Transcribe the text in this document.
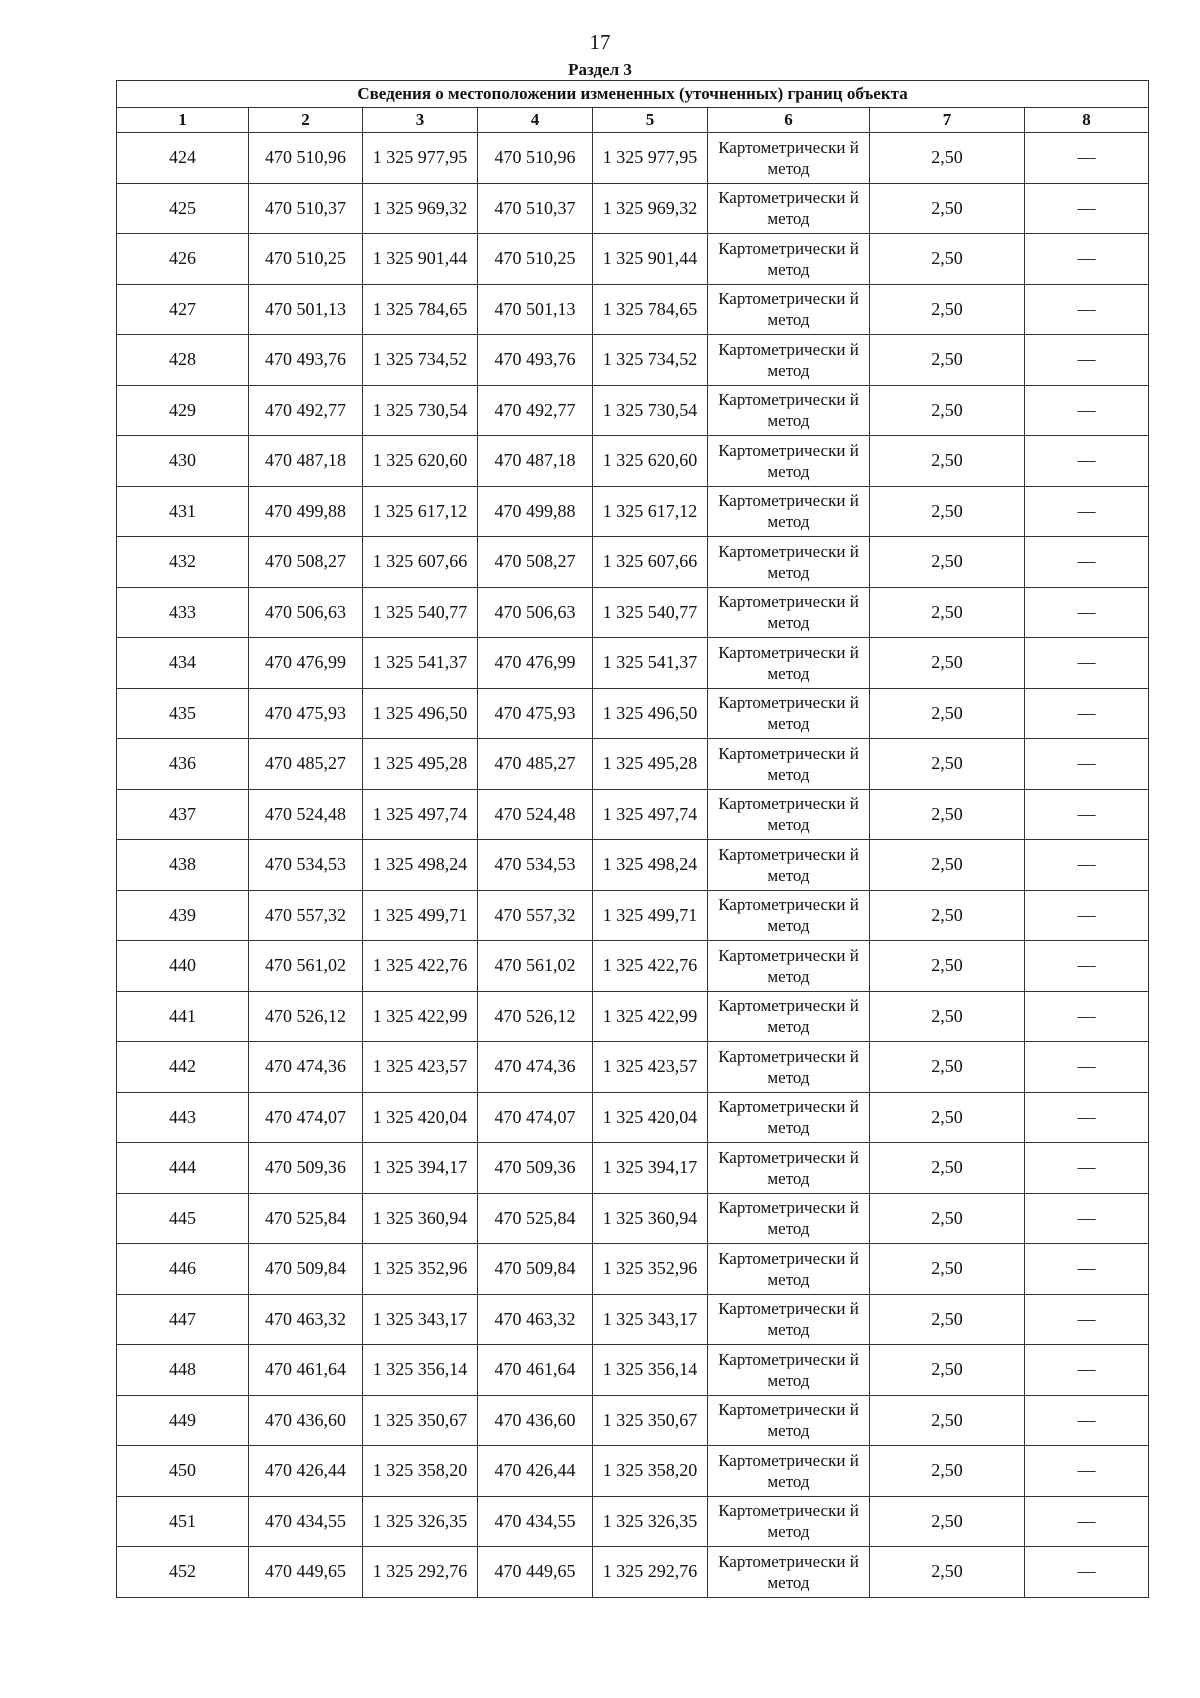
17
Раздел 3
Сведения о местоположении измененных (уточненных) границ объекта							
1	2	3	4	5	6	7	8
424	470 510,96	1 325 977,95	470 510,96	1 325 977,95	Картометрически й метод	2,50	—
425	470 510,37	1 325 969,32	470 510,37	1 325 969,32	Картометрически й метод	2,50	—
426	470 510,25	1 325 901,44	470 510,25	1 325 901,44	Картометрически й метод	2,50	—
427	470 501,13	1 325 784,65	470 501,13	1 325 784,65	Картометрически й метод	2,50	—
428	470 493,76	1 325 734,52	470 493,76	1 325 734,52	Картометрически й метод	2,50	—
429	470 492,77	1 325 730,54	470 492,77	1 325 730,54	Картометрически й метод	2,50	—
430	470 487,18	1 325 620,60	470 487,18	1 325 620,60	Картометрически й метод	2,50	—
431	470 499,88	1 325 617,12	470 499,88	1 325 617,12	Картометрически й метод	2,50	—
432	470 508,27	1 325 607,66	470 508,27	1 325 607,66	Картометрически й метод	2,50	—
433	470 506,63	1 325 540,77	470 506,63	1 325 540,77	Картометрически й метод	2,50	—
434	470 476,99	1 325 541,37	470 476,99	1 325 541,37	Картометрически й метод	2,50	—
435	470 475,93	1 325 496,50	470 475,93	1 325 496,50	Картометрически й метод	2,50	—
436	470 485,27	1 325 495,28	470 485,27	1 325 495,28	Картометрически й метод	2,50	—
437	470 524,48	1 325 497,74	470 524,48	1 325 497,74	Картометрически й метод	2,50	—
438	470 534,53	1 325 498,24	470 534,53	1 325 498,24	Картометрически й метод	2,50	—
439	470 557,32	1 325 499,71	470 557,32	1 325 499,71	Картометрически й метод	2,50	—
440	470 561,02	1 325 422,76	470 561,02	1 325 422,76	Картометрически й метод	2,50	—
441	470 526,12	1 325 422,99	470 526,12	1 325 422,99	Картометрически й метод	2,50	—
442	470 474,36	1 325 423,57	470 474,36	1 325 423,57	Картометрически й метод	2,50	—
443	470 474,07	1 325 420,04	470 474,07	1 325 420,04	Картометрически й метод	2,50	—
444	470 509,36	1 325 394,17	470 509,36	1 325 394,17	Картометрически й метод	2,50	—
445	470 525,84	1 325 360,94	470 525,84	1 325 360,94	Картометрически й метод	2,50	—
446	470 509,84	1 325 352,96	470 509,84	1 325 352,96	Картометрически й метод	2,50	—
447	470 463,32	1 325 343,17	470 463,32	1 325 343,17	Картометрически й метод	2,50	—
448	470 461,64	1 325 356,14	470 461,64	1 325 356,14	Картометрически й метод	2,50	—
449	470 436,60	1 325 350,67	470 436,60	1 325 350,67	Картометрически й метод	2,50	—
450	470 426,44	1 325 358,20	470 426,44	1 325 358,20	Картометрически й метод	2,50	—
451	470 434,55	1 325 326,35	470 434,55	1 325 326,35	Картометрически й метод	2,50	—
452	470 449,65	1 325 292,76	470 449,65	1 325 292,76	Картометрически й метод	2,50	—
